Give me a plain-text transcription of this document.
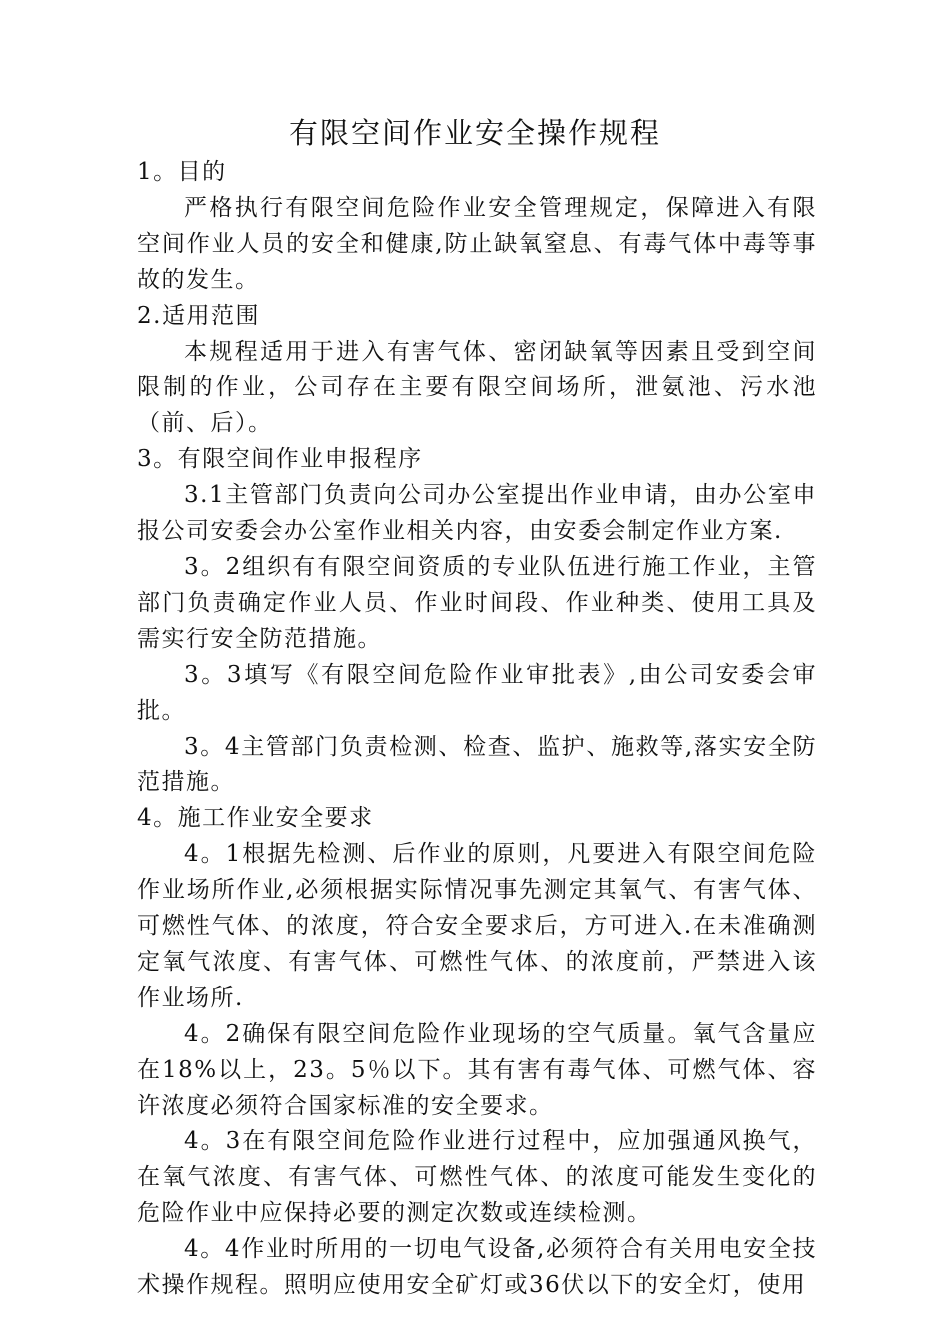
有限空间作业安全操作规程

1。目的

严格执行有限空间危险作业安全管理规定，保障进入有限空间作业人员的安全和健康,防止缺氧窒息、有毒气体中毒等事故的发生。

2.适用范围

本规程适用于进入有害气体、密闭缺氧等因素且受到空间限制的作业，公司存在主要有限空间场所，泄氨池、污水池（前、后）。

3。有限空间作业申报程序

3.1主管部门负责向公司办公室提出作业申请，由办公室申报公司安委会办公室作业相关内容，由安委会制定作业方案.

3。2组织有有限空间资质的专业队伍进行施工作业，主管部门负责确定作业人员、作业时间段、作业种类、使用工具及需实行安全防范措施。

3。3填写《有限空间危险作业审批表》,由公司安委会审批。

3。4主管部门负责检测、检查、监护、施救等,落实安全防范措施。

4。施工作业安全要求

4。1根据先检测、后作业的原则，凡要进入有限空间危险作业场所作业,必须根据实际情况事先测定其氧气、有害气体、可燃性气体、的浓度，符合安全要求后，方可进入.在未准确测定氧气浓度、有害气体、可燃性气体、的浓度前，严禁进入该作业场所.

4。2确保有限空间危险作业现场的空气质量。氧气含量应在18%以上，23。5％以下。其有害有毒气体、可燃气体、容许浓度必须符合国家标准的安全要求。

4。3在有限空间危险作业进行过程中，应加强通风换气，在氧气浓度、有害气体、可燃性气体、的浓度可能发生变化的危险作业中应保持必要的测定次数或连续检测。

4。4作业时所用的一切电气设备,必须符合有关用电安全技术操作规程。照明应使用安全矿灯或36伏以下的安全灯，使用
